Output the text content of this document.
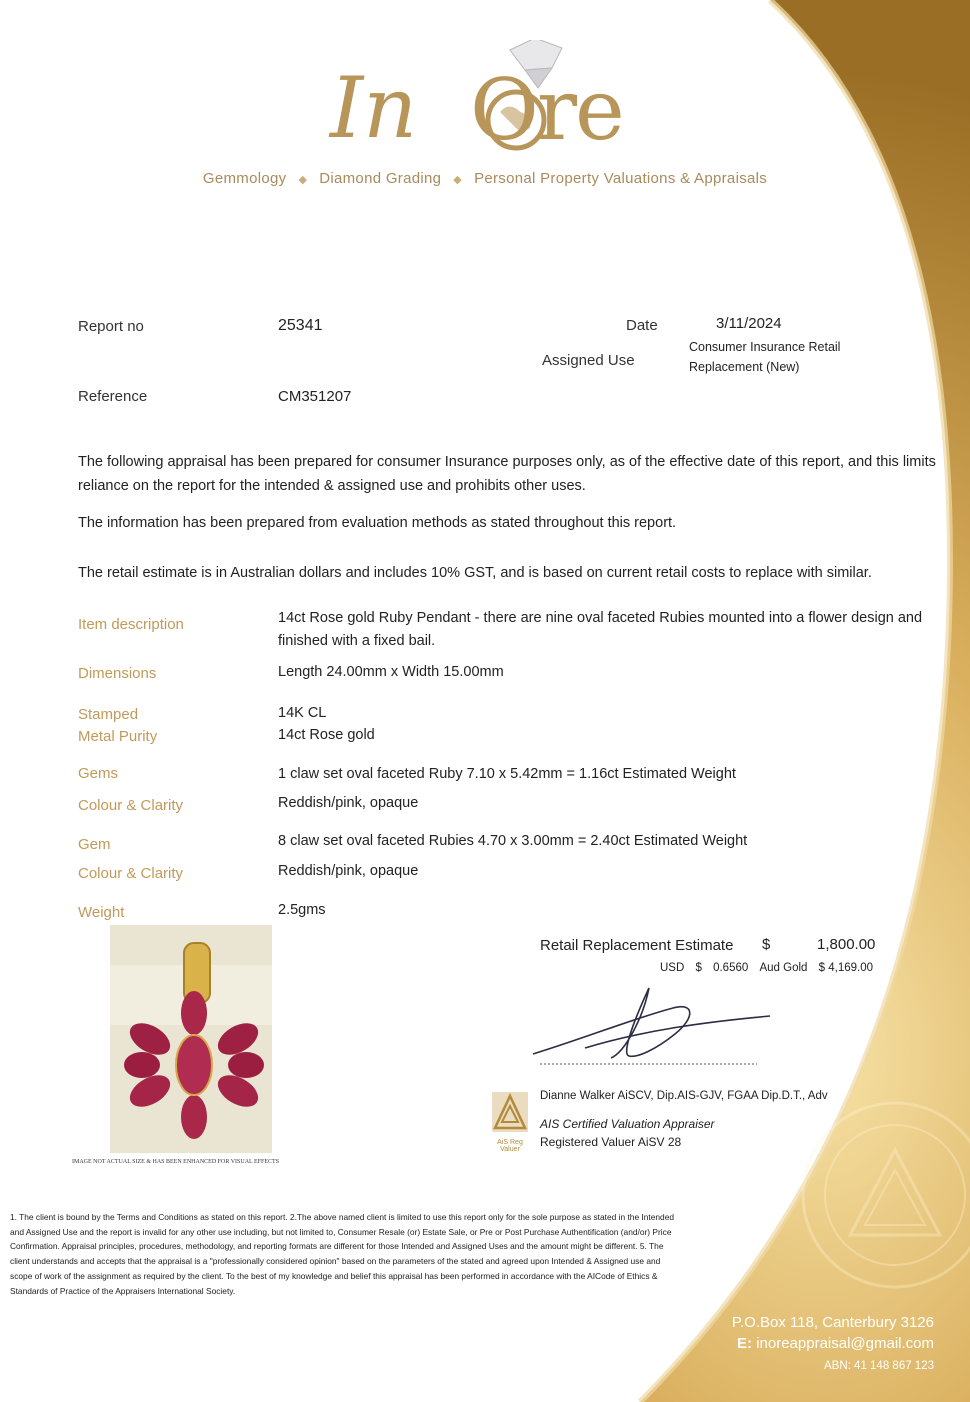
In Ore
Gemmology ◆ Diamond Grading ◆ Personal Property Valuations & Appraisals
Report no	25341	Date	3/11/2024
Assigned Use
Consumer Insurance Retail
Replacement (New)
Reference	CM351207
The following appraisal has been prepared for consumer Insurance purposes only, as of the effective date of this report, and this limits reliance on the report for the intended & assigned use and prohibits other uses.
The information has been prepared from evaluation methods as stated throughout this report.
The retail estimate is in Australian dollars and includes 10% GST, and is based on current retail costs to replace with similar.
Item description	14ct Rose gold Ruby Pendant - there are nine oval faceted Rubies mounted into a flower design and finished with a fixed bail.
Dimensions	Length 24.00mm x Width 15.00mm
Stamped	14K CL
Metal Purity	14ct Rose gold
Gems	1 claw set oval faceted Ruby 7.10 x 5.42mm = 1.16ct Estimated Weight
Colour & Clarity	Reddish/pink, opaque
Gem	8 claw set oval faceted Rubies 4.70 x 3.00mm = 2.40ct Estimated Weight
Colour & Clarity	Reddish/pink, opaque
Weight	2.5gms
IMAGE NOT ACTUAL SIZE & HAS BEEN ENHANCED FOR VISUAL EFFECTS
Retail Replacement Estimate $	1,800.00
USD $ 0.6560 Aud Gold $ 4,169.00
AiS Reg
Valuer
Dianne Walker AiSCV, Dip.AIS-GJV, FGAA Dip.D.T., Adv
AIS Certified Valuation Appraiser
Registered Valuer AiSV 28
1. The client is bound by the Terms and Conditions as stated on this report. 2.The above named client is limited to use this report only for the sole purpose as stated in the Intended and Assigned Use and the report is invalid for any other use including, but not limited to, Consumer Resale (or) Estate Sale, or Pre or Post Purchase Authentification (and/or) Price Confirmation. Appraisal principles, procedures, methodology, and reporting formats are different for those Intended and Assigned Uses and the amount might be different. 5. The client understands and accepts that the appraisal is a "professionally considered opinion" based on the parameters of the stated and agreed upon Intended & Assigned use and scope of work of the assignment as required by the client. To the best of my knowledge and belief this appraisal has been performed in accordance with the AICode of Ethics & Standards of Practice of the Appraisers International Society.
P.O.Box 118, Canterbury 3126
E: inoreappraisal@gmail.com
ABN: 41 148 867 123
